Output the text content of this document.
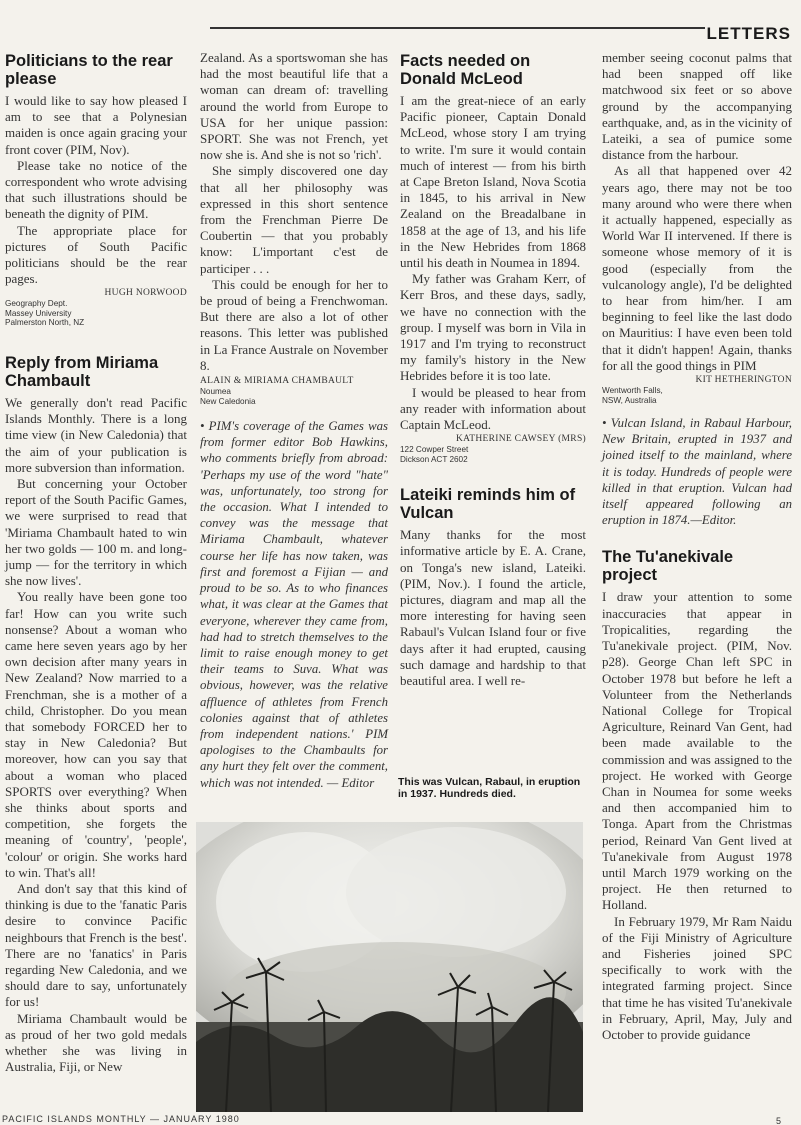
LETTERS
Politicians to the rear please

I would like to say how pleased I am to see that a Polynesian maiden is once again gracing your front cover (PIM, Nov).

Please take no notice of the correspondent who wrote advising that such illustrations should be beneath the dignity of PIM.

The appropriate place for pictures of South Pacific politicians should be the rear pages.

HUGH NORWOOD
Geography Dept.
Massey University
Palmerston North, NZ
Reply from Miriama Chambault

We generally don't read Pacific Islands Monthly. There is a long time view (in New Caledonia) that the aim of your publication is more subversion than information.

But concerning your October report of the South Pacific Games, we were surprised to read that 'Miriama Chambault hated to win her two golds — 100 m. and long-jump — for the territory in which she now lives'.

You really have been gone too far! How can you write such nonsense? About a woman who came here seven years ago by her own decision after many years in New Zealand? Now married to a Frenchman, she is a mother of a child, Christopher. Do you mean that somebody FORCED her to stay in New Caledonia? But moreover, how can you say that about a woman who placed SPORTS over everything? When she thinks about sports and competition, she forgets the meaning of 'country', 'people', 'colour' or origin. She works hard to win. That's all!

And don't say that this kind of thinking is due to the 'fanatic Paris desire to convince Pacific neighbours that French is the best'. There are no 'fanatics' in Paris regarding New Caledonia, and we should dare to say, unfortunately for us!

Miriama Chambault would be as proud of her two gold medals whether she was living in Australia, Fiji, or New

Zealand. As a sportswoman she has had the most beautiful life that a woman can dream of: travelling around the world from Europe to USA for her unique passion: SPORT. She was not French, yet now she is. And she is not so 'rich'.

She simply discovered one day that all her philosophy was expressed in this short sentence from the Frenchman Pierre De Coubertin — that you probably know: L'important c'est de participer . . .

This could be enough for her to be proud of being a Frenchwoman. But there are also a lot of other reasons. This letter was published in La France Australe on November 8.

ALAIN & MIRIAMA CHAMBAULT
Noumea
New Caledonia

• PIM's coverage of the Games was from former editor Bob Hawkins, who comments briefly from abroad: 'Perhaps my use of the word "hate" was, unfortunately, too strong for the occasion. What I intended to convey was the message that Miriama Chambault, whatever course her life has now taken, was first and foremost a Fijian — and proud to be so. As to who finances what, it was clear at the Games that everyone, wherever they came from, had had to stretch themselves to the limit to raise enough money to get their teams to Suva. What was obvious, however, was the relative affluence of athletes from French colonies against that of athletes from independent nations.' PIM apologises to the Chambaults for any hurt they felt over the comment, which was not intended. — Editor

Facts needed on Donald McLeod

I am the great-niece of an early Pacific pioneer, Captain Donald McLeod, whose story I am trying to write. I'm sure it would contain much of interest — from his birth at Cape Breton Island, Nova Scotia in 1845, to his arrival in New Zealand on the Breadalbane in 1858 at the age of 13, and his life in the New Hebrides from 1868 until his death in Noumea in 1894.

My father was Graham Kerr, of Kerr Bros, and these days, sadly, we have no connection with the group. I myself was born in Vila in 1917 and I'm trying to reconstruct my family's history in the New Hebrides before it is too late.

I would be pleased to hear from any reader with information about Captain McLeod.

KATHERINE CAWSEY (MRS)
122 Cowper Street
Dickson ACT 2602
Lateiki reminds him of Vulcan

Many thanks for the most informative article by E. A. Crane, on Tonga's new island, Lateiki. (PIM, Nov.). I found the article, pictures, diagram and map all the more interesting for having seen Rabaul's Vulcan Island four or five days after it had erupted, causing such damage and hardship to that beautiful area. I well re-

This was Vulcan, Rabaul, in eruption in 1937. Hundreds died.

member seeing coconut palms that had been snapped off like matchwood six feet or so above ground by the accompanying earthquake, and, as in the vicinity of Lateiki, a sea of pumice some distance from the harbour.

As all that happened over 42 years ago, there may not be too many around who were there when it actually happened, especially as World War II intervened. If there is someone whose memory of it is good (especially from the vulcanology angle), I'd be delighted to hear from him/her. I am beginning to feel like the last dodo on Mauritius: I have even been told that it didn't happen! Again, thanks for all the good things in PIM

KIT HETHERINGTON
Wentworth Falls,
NSW, Australia

• Vulcan Island, in Rabaul Harbour, New Britain, erupted in 1937 and joined itself to the mainland, where it is today. Hundreds of people were killed in that eruption. Vulcan had itself appeared following an eruption in 1874.—Editor.

The Tu'anekivale project

I draw your attention to some inaccuracies that appear in Tropicalities, regarding the Tu'anekivale project. (PIM, Nov. p28). George Chan left SPC in October 1978 but before he left a Volunteer from the Netherlands National College for Tropical Agriculture, Reinard Van Gent, had been made available to the commission and was assigned to the project. He worked with George Chan in Noumea for some weeks and then accompanied him to Tonga. Apart from the Christmas period, Reinard Van Gent lived at Tu'anekivale from August 1978 until March 1979 working on the project. He then returned to Holland.

In February 1979, Mr Ram Naidu of the Fiji Ministry of Agriculture and Fisheries joined SPC specifically to work with the integrated farming project. Since that time he has visited Tu'anekivale in February, April, May, July and October to provide guidance

PACIFIC ISLANDS MONTHLY — JANUARY 1980	5
